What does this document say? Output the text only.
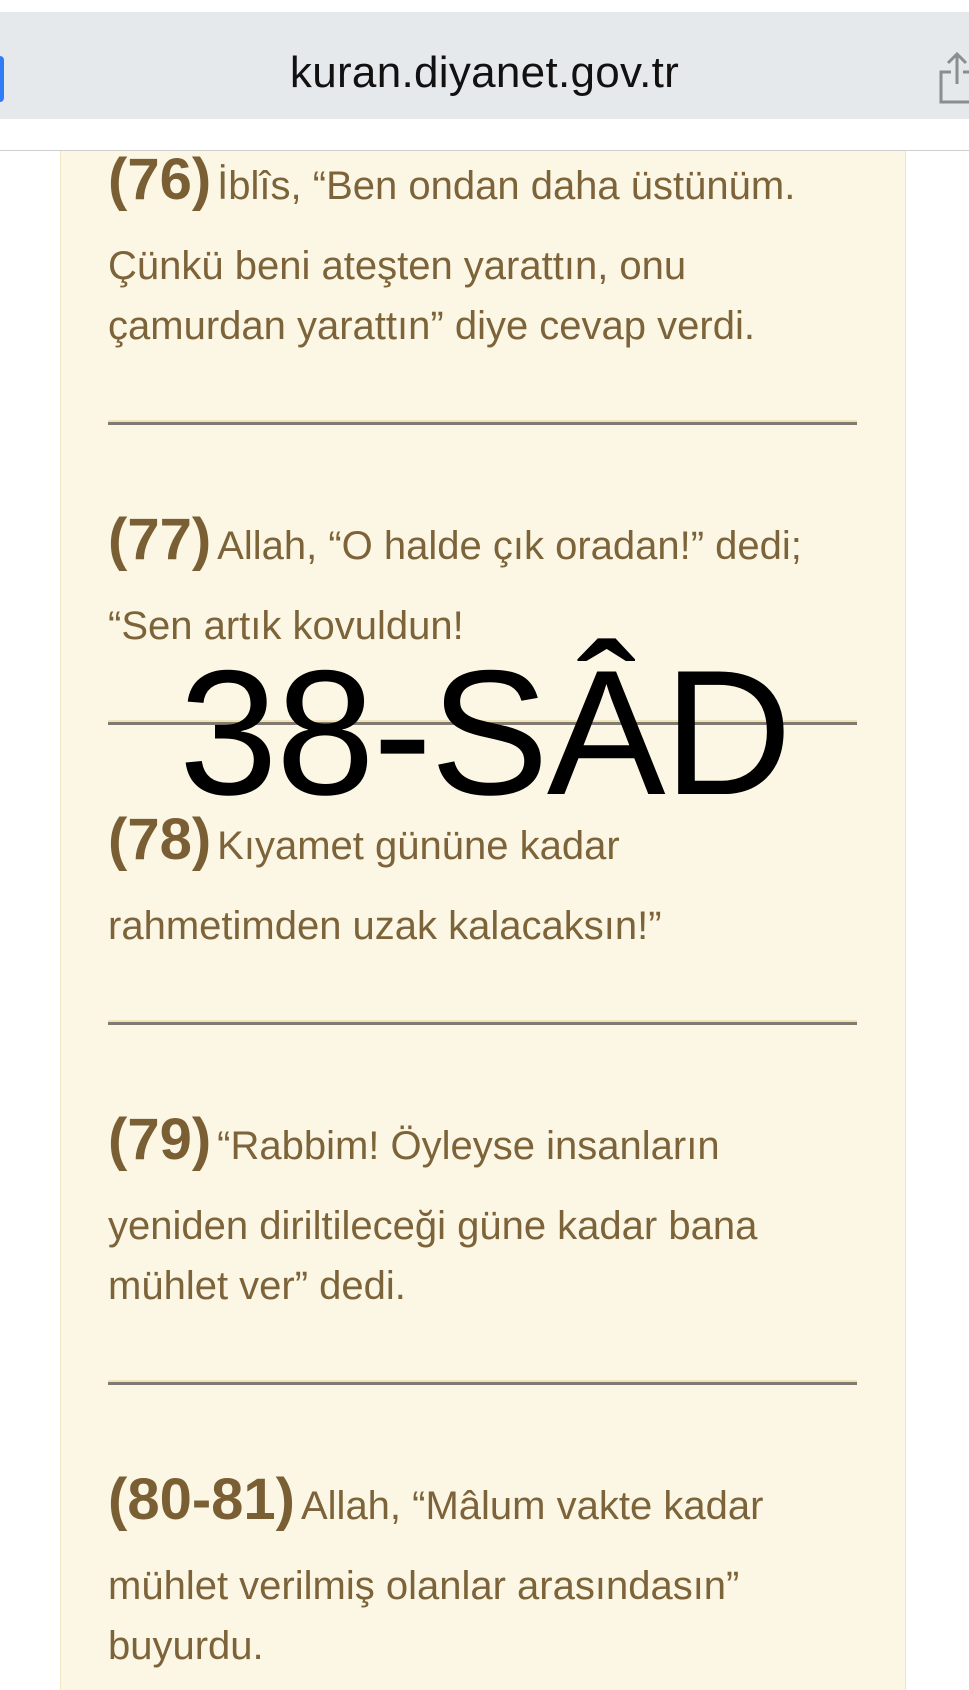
kuran.diyanet.gov.tr
(76) İblîs, “Ben ondan daha üstünüm.
Çünkü beni ateşten yarattın, onu
çamurdan yarattın” diye cevap verdi.
(77) Allah, “O halde çık oradan!” dedi;
“Sen artık kovuldun!
(78) Kıyamet gününe kadar
rahmetimden uzak kalacaksın!”
(79) “Rabbim! Öyleyse insanların
yeniden diriltileceği güne kadar bana
mühlet ver” dedi.
(80-81) Allah, “Mâlum vakte kadar
mühlet verilmiş olanlar arasındasın”
buyurdu.
38-SÂD
